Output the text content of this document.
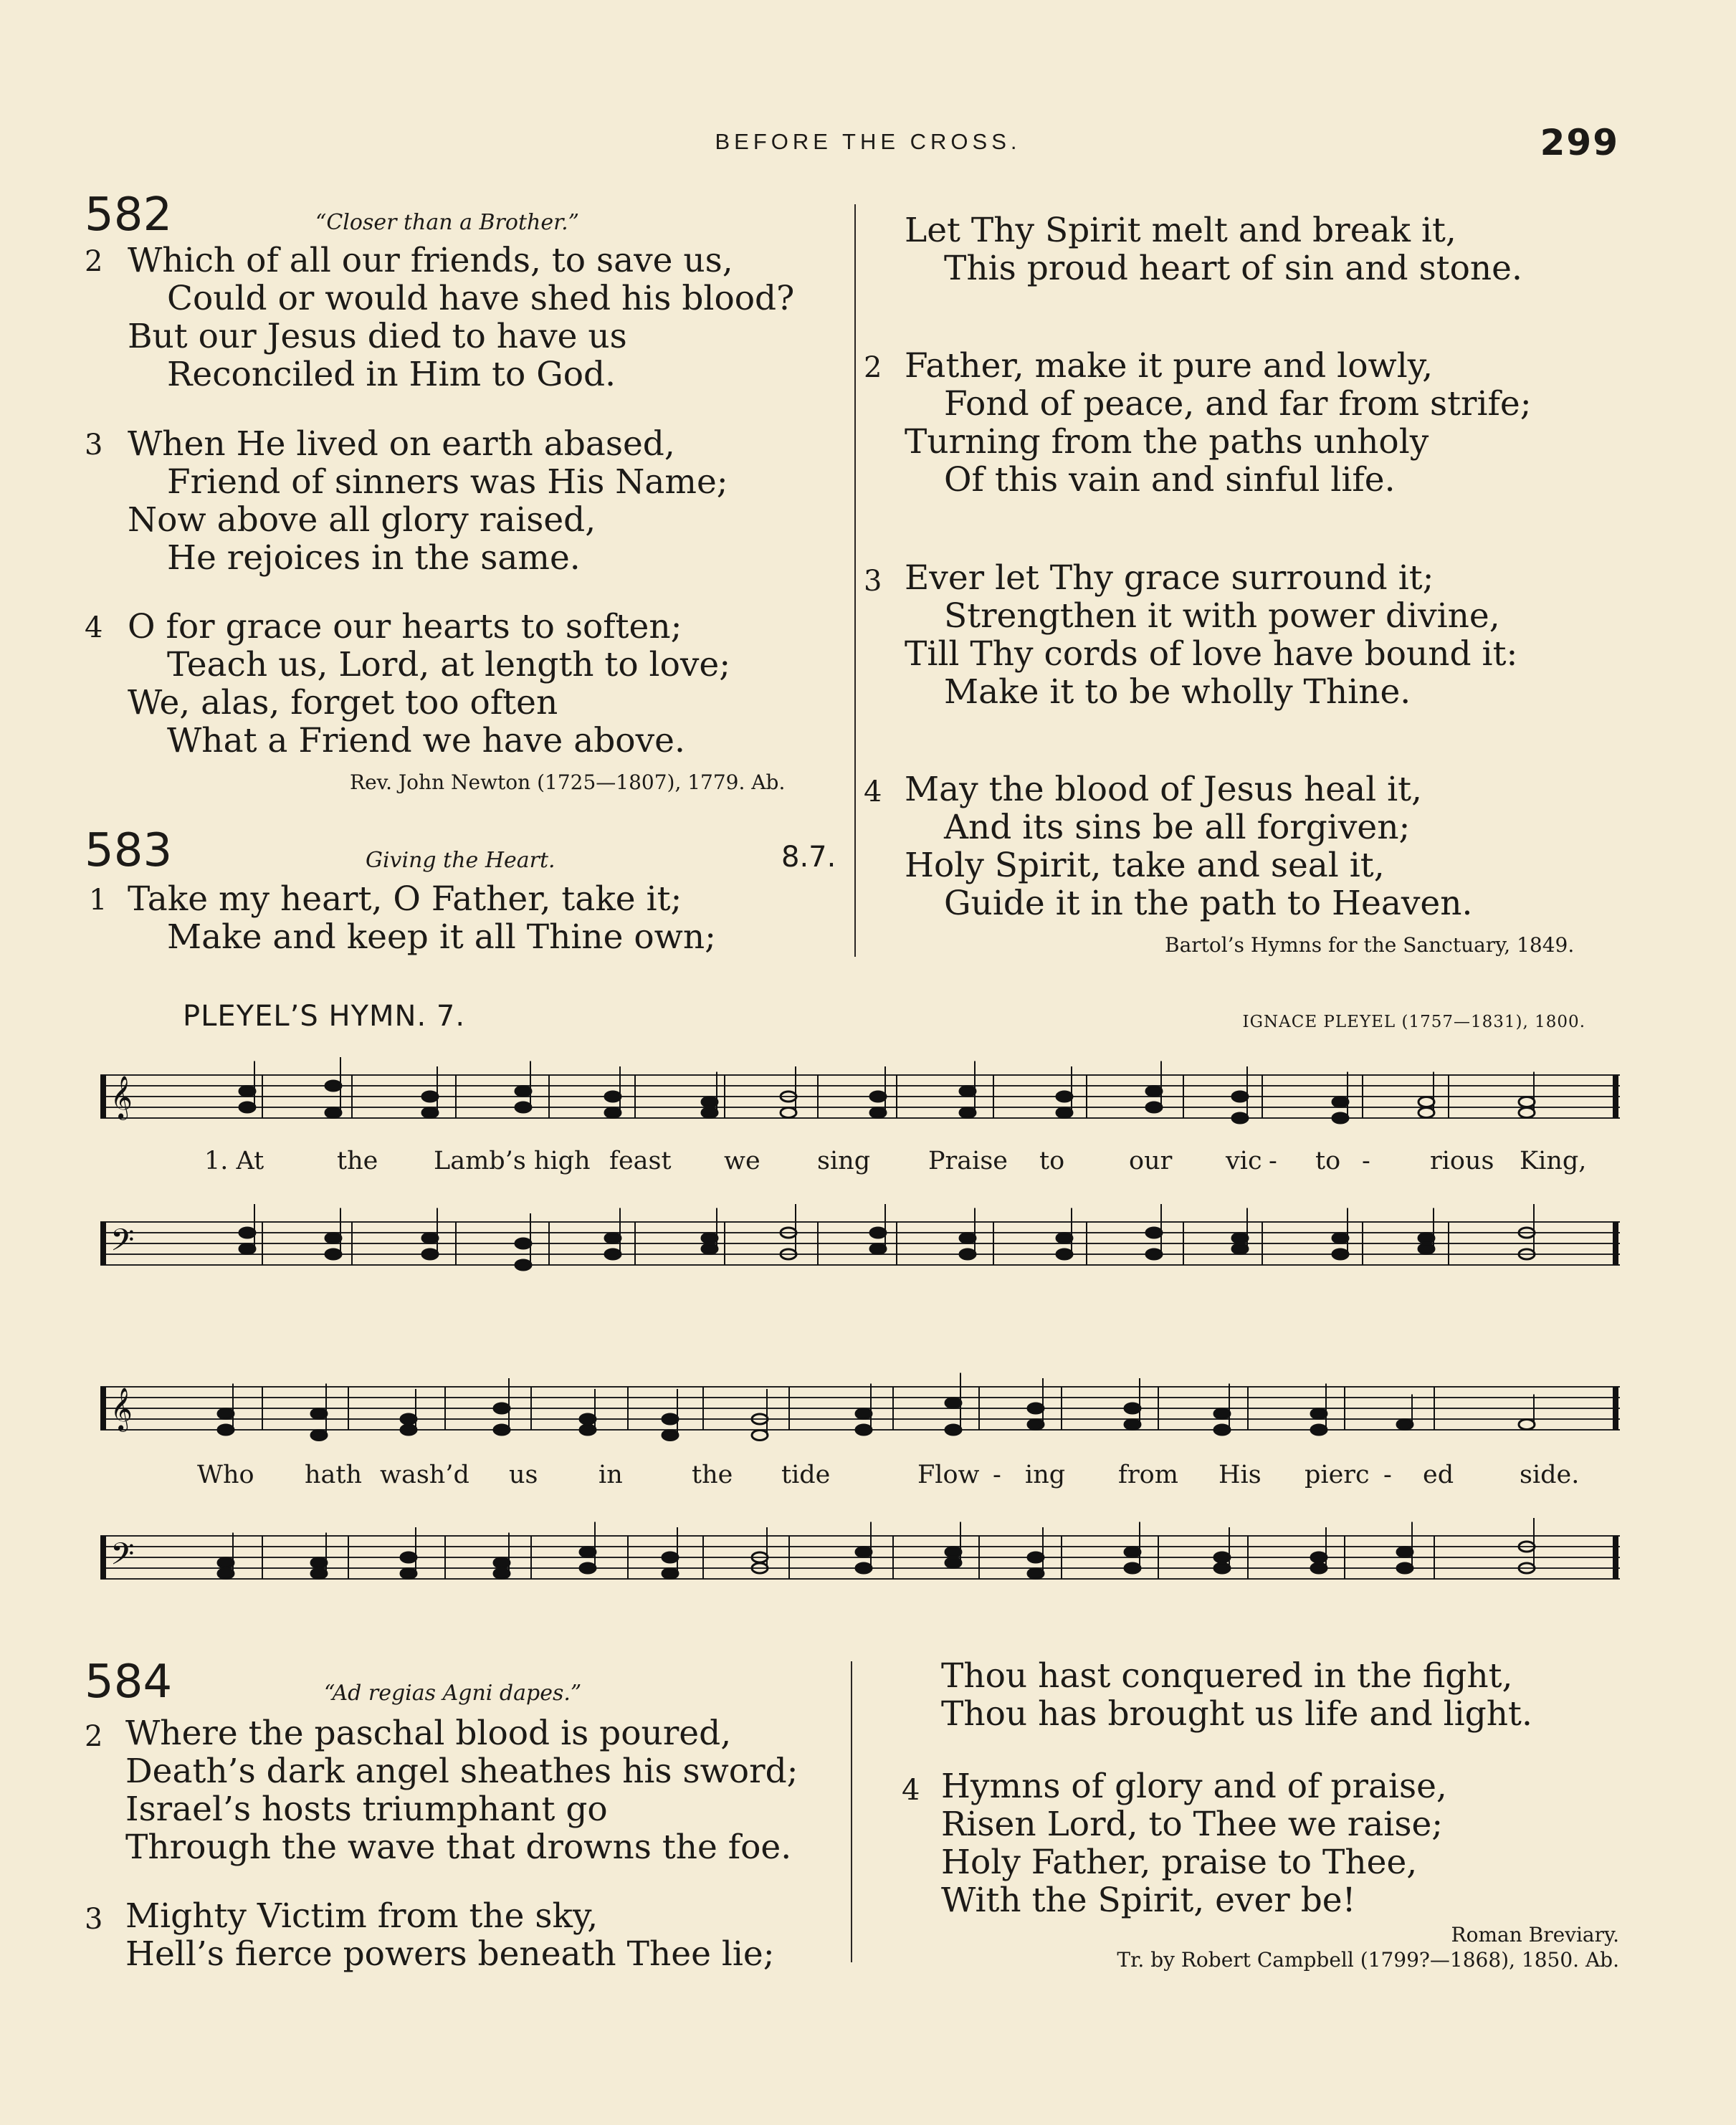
BEFORE THE CROSS.	299
582	“Closer than a Brother.”
2 Which of all our friends, to save us,
Could or would have shed his blood?
But our Jesus died to have us
Reconciled in Him to God.
3 When He lived on earth abased,
Friend of sinners was His Name;
Now above all glory raised,
He rejoices in the same.
4 O for grace our hearts to soften;
Teach us, Lord, at length to love;
We, alas, forget too often
What a Friend we have above.
Rev. John Newton (1725—1807), 1779. Ab.
583	Giving the Heart.	8.7.
1 Take my heart, O Father, take it;
Make and keep it all Thine own;
Let Thy Spirit melt and break it,
This proud heart of sin and stone.
2 Father, make it pure and lowly,
Fond of peace, and far from strife;
Turning from the paths unholy
Of this vain and sinful life.
3 Ever let Thy grace surround it;
Strengthen it with power divine,
Till Thy cords of love have bound it:
Make it to be wholly Thine.
4 May the blood of Jesus heal it,
And its sins be all forgiven;
Holy Spirit, take and seal it,
Guide it in the path to Heaven.
Bartol’s Hymns for the Sanctuary, 1849.
PLEYEL’S HYMN. 7.	IGNACE PLEYEL (1757—1831), 1800.
𝄞
1. At	the Lamb’s high feast we sing Praise to	our vic - to - rious King,
𝄢
𝄞
Who hath wash’d us in	the tide	Flow - ing from His pierc - ed	side.
𝄢
584	“Ad regias Agni dapes.”
2 Where the paschal blood is poured,
Death’s dark angel sheathes his sword;
Israel’s hosts triumphant go
Through the wave that drowns the foe.
3 Mighty Victim from the sky,
Hell’s fierce powers beneath Thee lie;
Thou hast conquered in the fight,
Thou has brought us life and light.
4 Hymns of glory and of praise,
Risen Lord, to Thee we raise;
Holy Father, praise to Thee,
With the Spirit, ever be!
Roman Breviary.
Tr. by Robert Campbell (1799?—1868), 1850. Ab.
